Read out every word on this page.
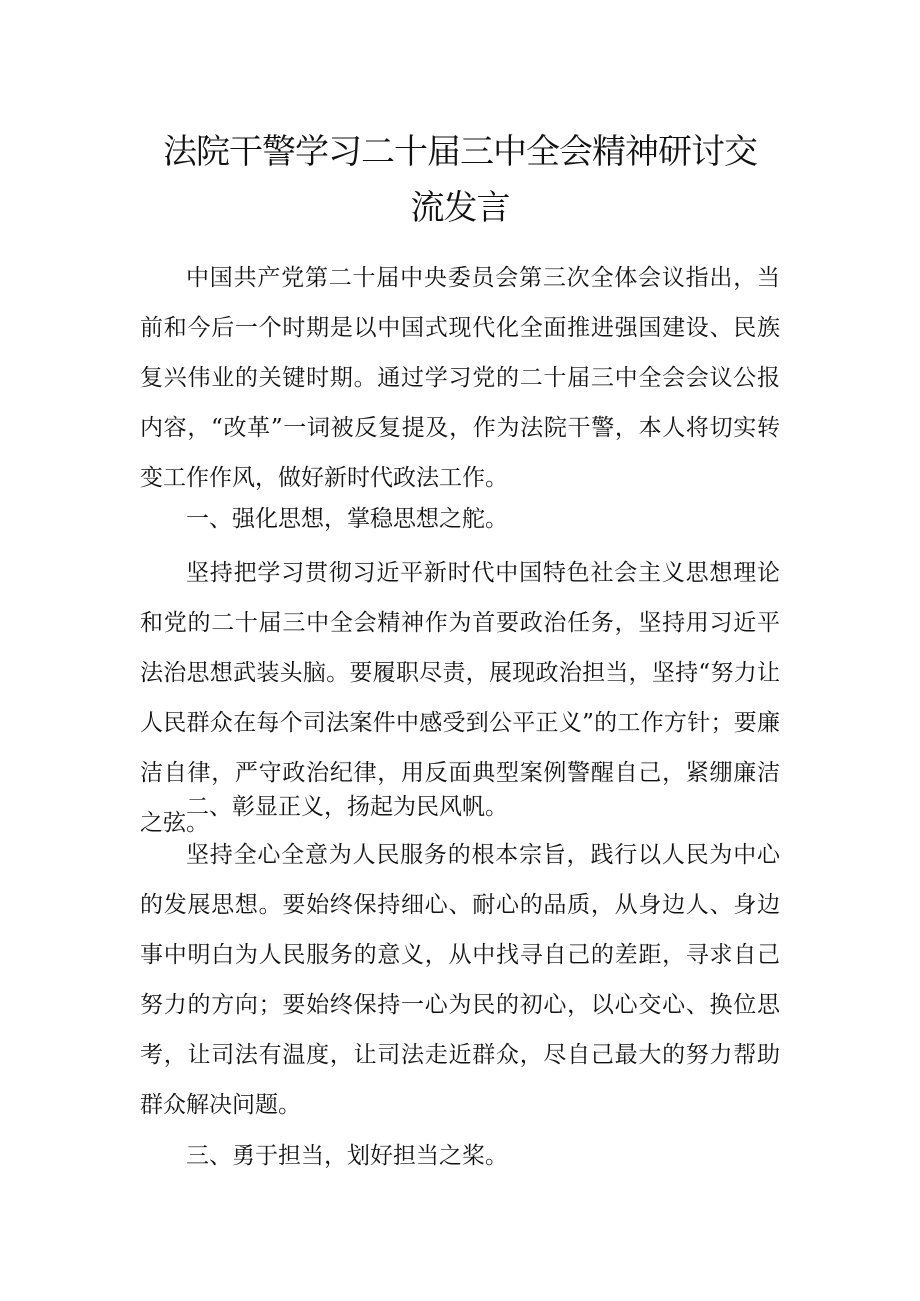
法院干警学习二十届三中全会精神研讨交
流发言

中国共产党第二十届中央委员会第三次全体会议指出，当前和今后一个时期是以中国式现代化全面推进强国建设、民族复兴伟业的关键时期。通过学习党的二十届三中全会会议公报内容，“改革”一词被反复提及，作为法院干警，本人将切实转变工作作风，做好新时代政法工作。

一、强化思想，掌稳思想之舵。

坚持把学习贯彻习近平新时代中国特色社会主义思想理论和党的二十届三中全会精神作为首要政治任务，坚持用习近平法治思想武装头脑。要履职尽责，展现政治担当，坚持“努力让人民群众在每个司法案件中感受到公平正义”的工作方针；要廉洁自律，严守政治纪律，用反面典型案例警醒自己，紧绷廉洁之弦。

二、彰显正义，扬起为民风帆。

坚持全心全意为人民服务的根本宗旨，践行以人民为中心的发展思想。要始终保持细心、耐心的品质，从身边人、身边事中明白为人民服务的意义，从中找寻自己的差距，寻求自己努力的方向；要始终保持一心为民的初心，以心交心、换位思考，让司法有温度，让司法走近群众，尽自己最大的努力帮助群众解决问题。

三、勇于担当，划好担当之桨。
